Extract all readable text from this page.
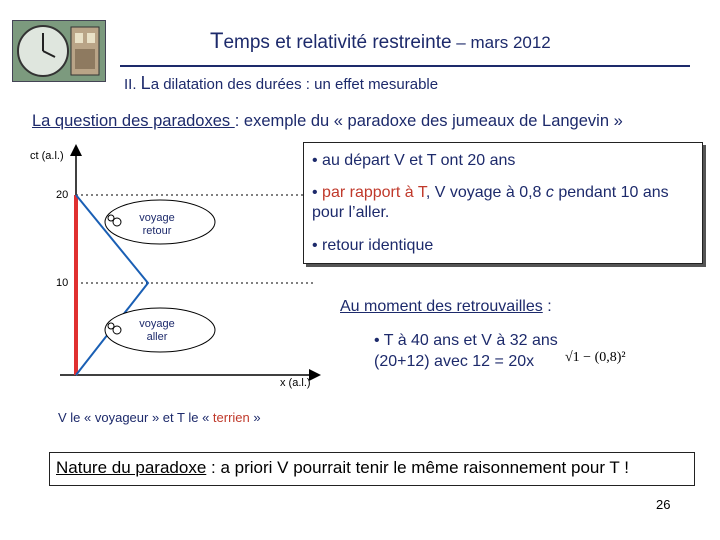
Temps et relativité restreinte – mars 2012
II. La dilatation des durées : un effet mesurable
La question des paradoxes : exemple du « paradoxe des jumeaux de Langevin »
ct (a.l.)
x (a.l.)
20
10
voyage
retour
voyage
aller
• au départ V et T ont 20 ans
• par rapport à T, V voyage à 0,8 c pendant 10 ans pour l’aller.
• retour identique
Au moment des retrouvailles :
• T à 40 ans et V à 32 ans
(20+12) avec 12 = 20x	√1 − (0,8)²
V le « voyageur » et T le « terrien »
Nature du paradoxe : a priori V pourrait tenir le même raisonnement pour T !
26
